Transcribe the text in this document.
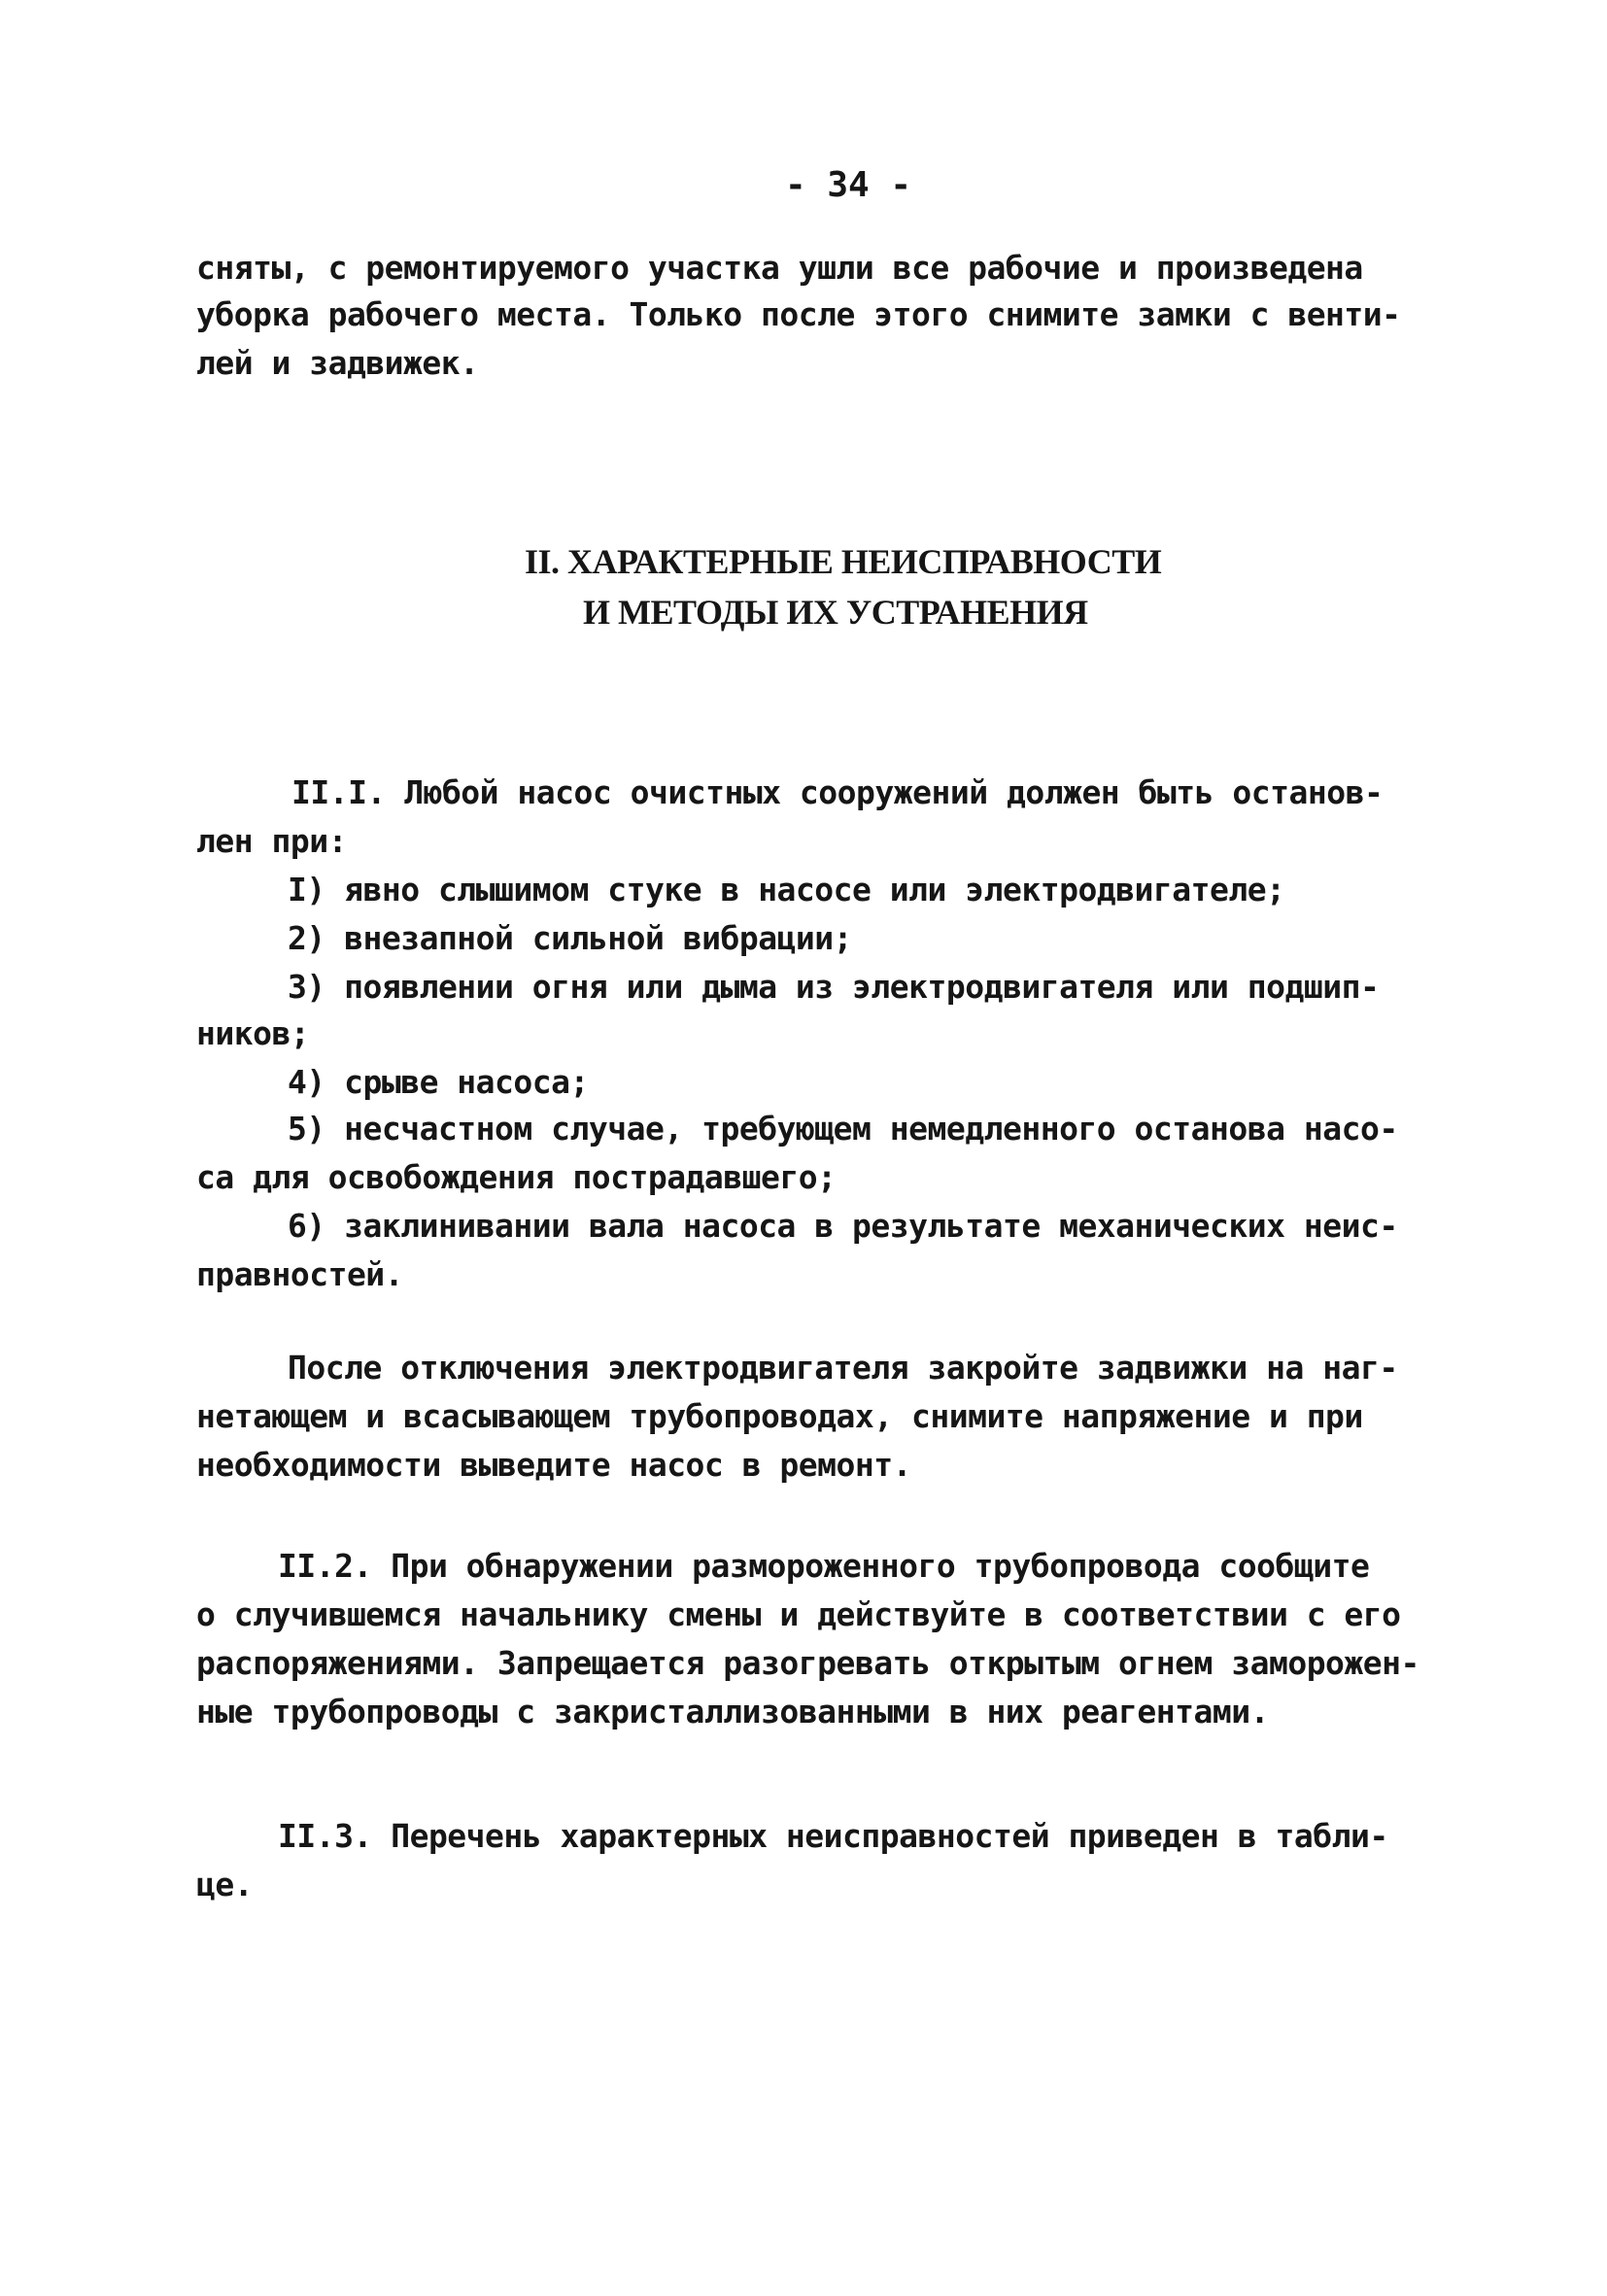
- 34 -
сняты, с ремонтируемого участка ушли все рабочие и произведена
уборка рабочего места. Только после этого снимите замки с венти-
лей и задвижек.
II. ХАРАКТЕРНЫЕ НЕИСПРАВНОСТИ
И МЕТОДЫ ИХ УСТРАНЕНИЯ
II.I. Любой насос очистных сооружений должен быть останов-
лен при:
I) явно слышимом стуке в насосе или электродвигателе;
2) внезапной сильной вибрации;
3) появлении огня или дыма из электродвигателя или подшип-
ников;
4) срыве насоса;
5) несчастном случае, требующем немедленного останова насо-
са для освобождения пострадавшего;
6) заклинивании вала насоса в результате механических неис-
правностей.
После отключения электродвигателя закройте задвижки на наг-
нетающем и всасывающем трубопроводах, снимите напряжение и при
необходимости выведите насос в ремонт.
II.2. При обнаружении размороженного трубопровода сообщите
о случившемся начальнику смены и действуйте в соответствии с его
распоряжениями. Запрещается разогревать открытым огнем заморожен-
ные трубопроводы с закристаллизованными в них реагентами.
II.3. Перечень характерных неисправностей приведен в табли-
це.
